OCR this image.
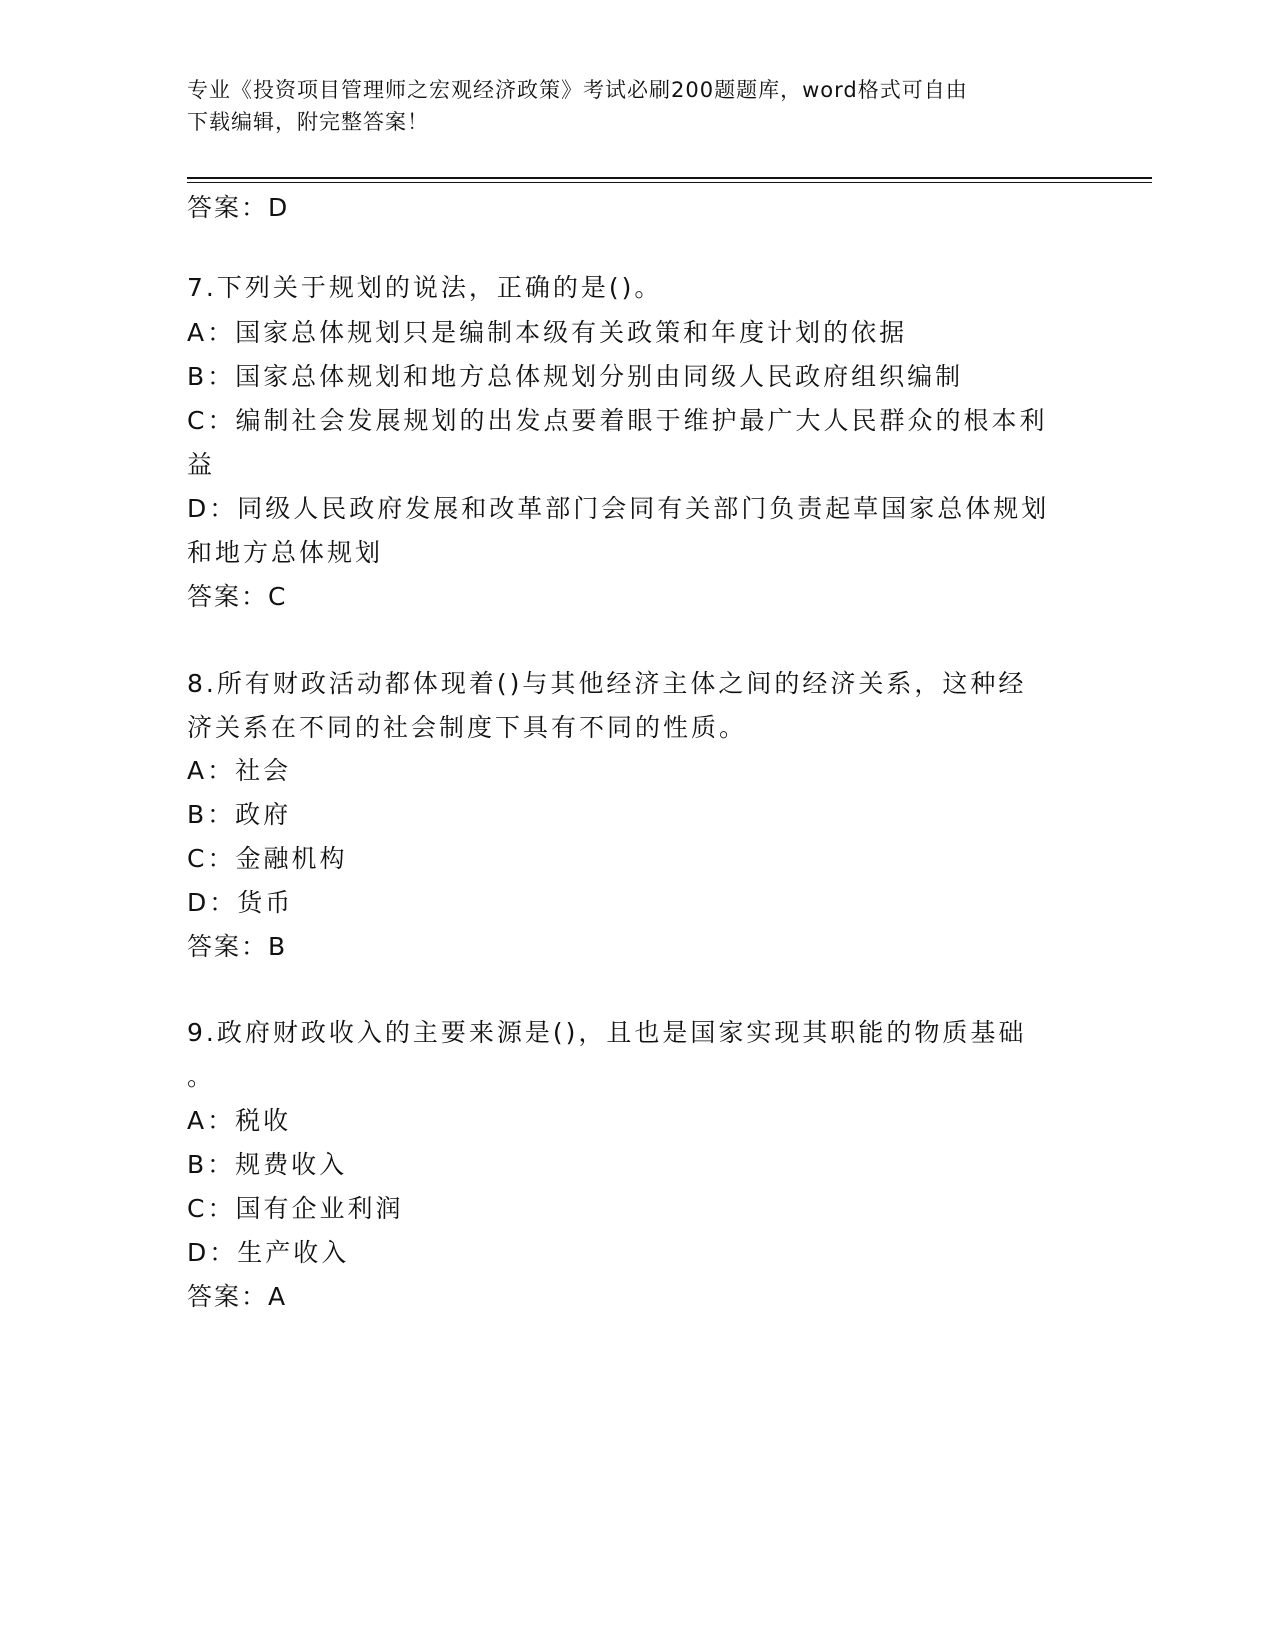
专业《投资项目管理师之宏观经济政策》考试必刷200题题库，word格式可自由
下载编辑，附完整答案！
答案：D
7.下列关于规划的说法，正确的是()。
A：国家总体规划只是编制本级有关政策和年度计划的依据
B：国家总体规划和地方总体规划分别由同级人民政府组织编制
C：编制社会发展规划的出发点要着眼于维护最广大人民群众的根本利
益
D：同级人民政府发展和改革部门会同有关部门负责起草国家总体规划
和地方总体规划
答案：C
8.所有财政活动都体现着()与其他经济主体之间的经济关系，这种经
济关系在不同的社会制度下具有不同的性质。
A：社会
B：政府
C：金融机构
D：货币
答案：B
9.政府财政收入的主要来源是()，且也是国家实现其职能的物质基础
。
A：税收
B：规费收入
C：国有企业利润
D：生产收入
答案：A
